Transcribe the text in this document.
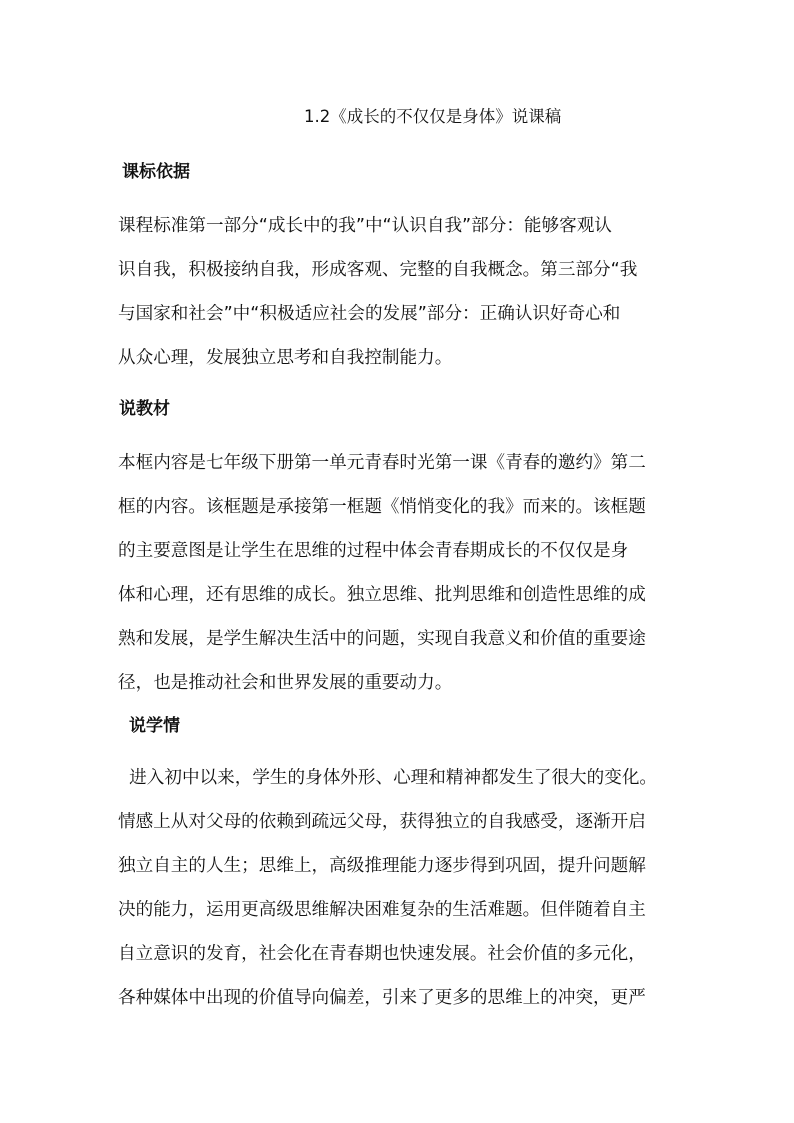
1.2《成长的不仅仅是身体》说课稿
课标依据
课程标准第一部分“成长中的我”中“认识自我”部分：能够客观认
识自我，积极接纳自我，形成客观、完整的自我概念。第三部分“我
与国家和社会”中“积极适应社会的发展”部分：正确认识好奇心和
从众心理，发展独立思考和自我控制能力。
说教材
本框内容是七年级下册第一单元青春时光第一课《青春的邀约》第二
框的内容。该框题是承接第一框题《悄悄变化的我》而来的。该框题
的主要意图是让学生在思维的过程中体会青春期成长的不仅仅是身
体和心理，还有思维的成长。独立思维、批判思维和创造性思维的成
熟和发展，是学生解决生活中的问题，实现自我意义和价值的重要途
径，也是推动社会和世界发展的重要动力。
说学情
进入初中以来，学生的身体外形、心理和精神都发生了很大的变化。
情感上从对父母的依赖到疏远父母，获得独立的自我感受，逐渐开启
独立自主的人生；思维上，高级推理能力逐步得到巩固，提升问题解
决的能力，运用更高级思维解决困难复杂的生活难题。但伴随着自主
自立意识的发育，社会化在青春期也快速发展。社会价值的多元化，
各种媒体中出现的价值导向偏差，引来了更多的思维上的冲突，更严
